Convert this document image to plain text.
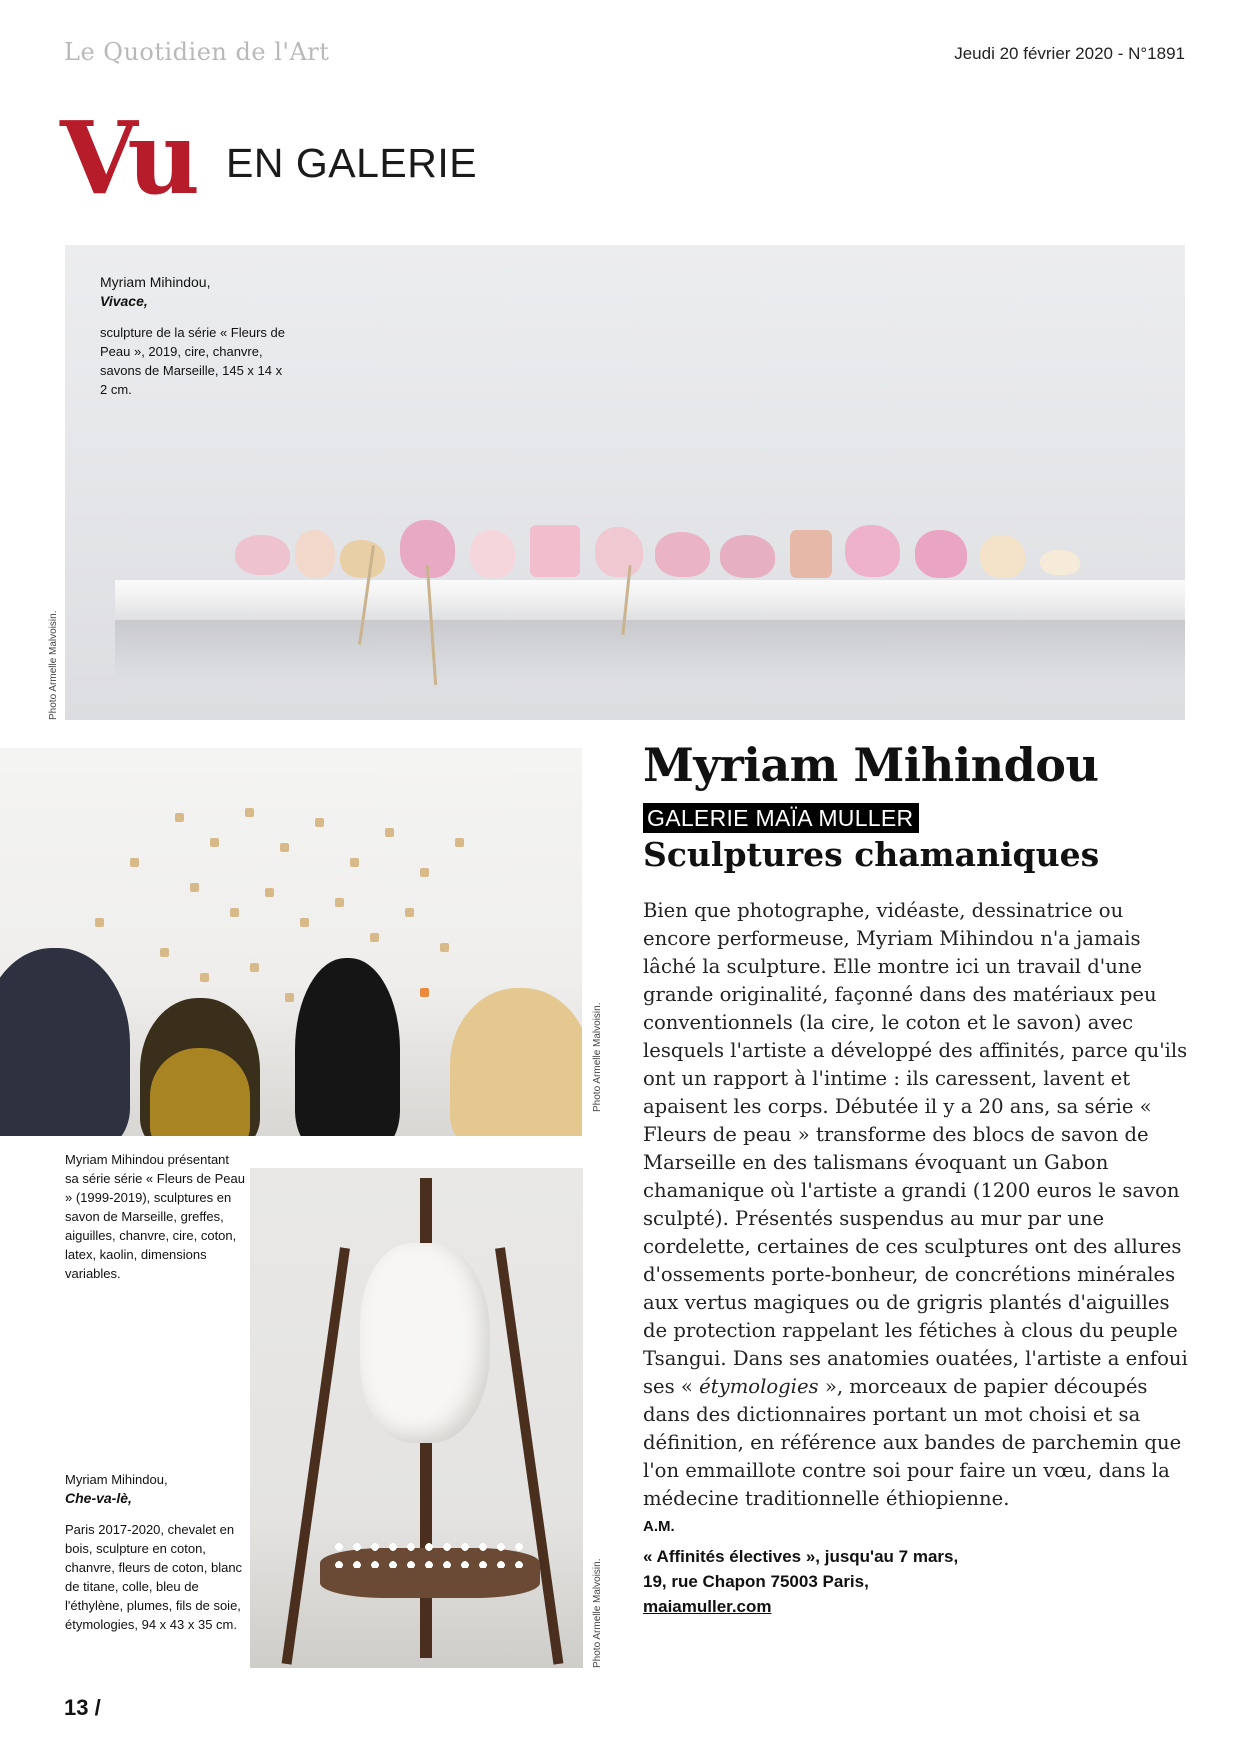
Le Quotidien de l'Art	Jeudi 20 février 2020 - N°1891
Vu EN GALERIE
Myriam Mihindou,
Vivace,
sculpture de la série « Fleurs de Peau », 2019, cire, chanvre, savons de Marseille, 145 x 14 x 2 cm.
Photo Armelle Malvoisin.
Photo Armelle Malvoisin.
Myriam Mihindou présentant sa série série « Fleurs de Peau » (1999-2019), sculptures en savon de Marseille, greffes, aiguilles, chanvre, cire, coton, latex, kaolin, dimensions variables.
Photo Armelle Malvoisin.
Myriam Mihindou,
Che-va-lè,
Paris 2017-2020, chevalet en bois, sculpture en coton, chanvre, fleurs de coton, blanc de titane, colle, bleu de l'éthylène, plumes, fils de soie, étymologies, 94 x 43 x 35 cm.
Myriam Mihindou
GALERIE MAÏA MULLER
Sculptures chamaniques

Bien que photographe, vidéaste, dessinatrice ou encore performeuse, Myriam Mihindou n'a jamais lâché la sculpture. Elle montre ici un travail d'une grande originalité, façonné dans des matériaux peu conventionnels (la cire, le coton et le savon) avec lesquels l'artiste a développé des affinités, parce qu'ils ont un rapport à l'intime : ils caressent, lavent et apaisent les corps. Débutée il y a 20 ans, sa série « Fleurs de peau » transforme des blocs de savon de Marseille en des talismans évoquant un Gabon chamanique où l'artiste a grandi (1200 euros le savon sculpté). Présentés suspendus au mur par une cordelette, certaines de ces sculptures ont des allures d'ossements porte-bonheur, de concrétions minérales aux vertus magiques ou de grigris plantés d'aiguilles de protection rappelant les fétiches à clous du peuple Tsangui. Dans ses anatomies ouatées, l'artiste a enfoui ses « étymologies », morceaux de papier découpés dans des dictionnaires portant un mot choisi et sa définition, en référence aux bandes de parchemin que l'on emmaillote contre soi pour faire un vœu, dans la médecine traditionnelle éthiopienne.

A.M.
« Affinités électives », jusqu'au 7 mars,
19, rue Chapon 75003 Paris,
maiamuller.com
13 /
